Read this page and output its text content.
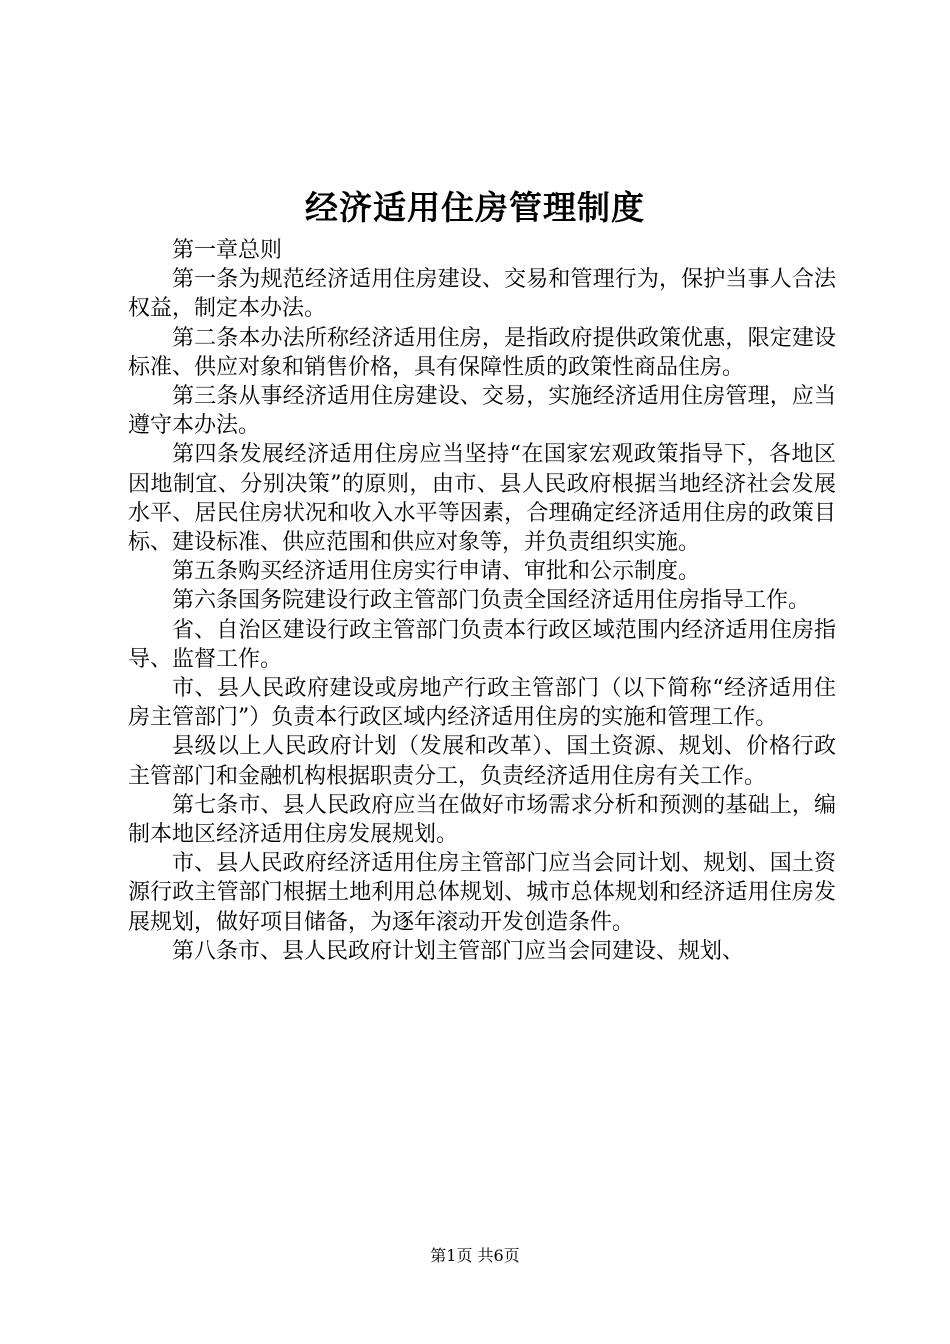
经济适用住房管理制度

第一章总则

第一条为规范经济适用住房建设、交易和管理行为，保护当事人合法权益，制定本办法。

第二条本办法所称经济适用住房，是指政府提供政策优惠，限定建设标准、供应对象和销售价格，具有保障性质的政策性商品住房。

第三条从事经济适用住房建设、交易，实施经济适用住房管理，应当遵守本办法。

第四条发展经济适用住房应当坚持“在国家宏观政策指导下，各地区因地制宜、分别决策”的原则，由市、县人民政府根据当地经济社会发展水平、居民住房状况和收入水平等因素，合理确定经济适用住房的政策目标、建设标准、供应范围和供应对象等，并负责组织实施。

第五条购买经济适用住房实行申请、审批和公示制度。

第六条国务院建设行政主管部门负责全国经济适用住房指导工作。

省、自治区建设行政主管部门负责本行政区域范围内经济适用住房指导、监督工作。

市、县人民政府建设或房地产行政主管部门（以下简称“经济适用住房主管部门”）负责本行政区域内经济适用住房的实施和管理工作。

县级以上人民政府计划（发展和改革）、国土资源、规划、价格行政主管部门和金融机构根据职责分工，负责经济适用住房有关工作。

第七条市、县人民政府应当在做好市场需求分析和预测的基础上，编制本地区经济适用住房发展规划。

市、县人民政府经济适用住房主管部门应当会同计划、规划、国土资源行政主管部门根据土地利用总体规划、城市总体规划和经济适用住房发展规划，做好项目储备，为逐年滚动开发创造条件。

第八条市、县人民政府计划主管部门应当会同建设、规划、

第1页 共6页
